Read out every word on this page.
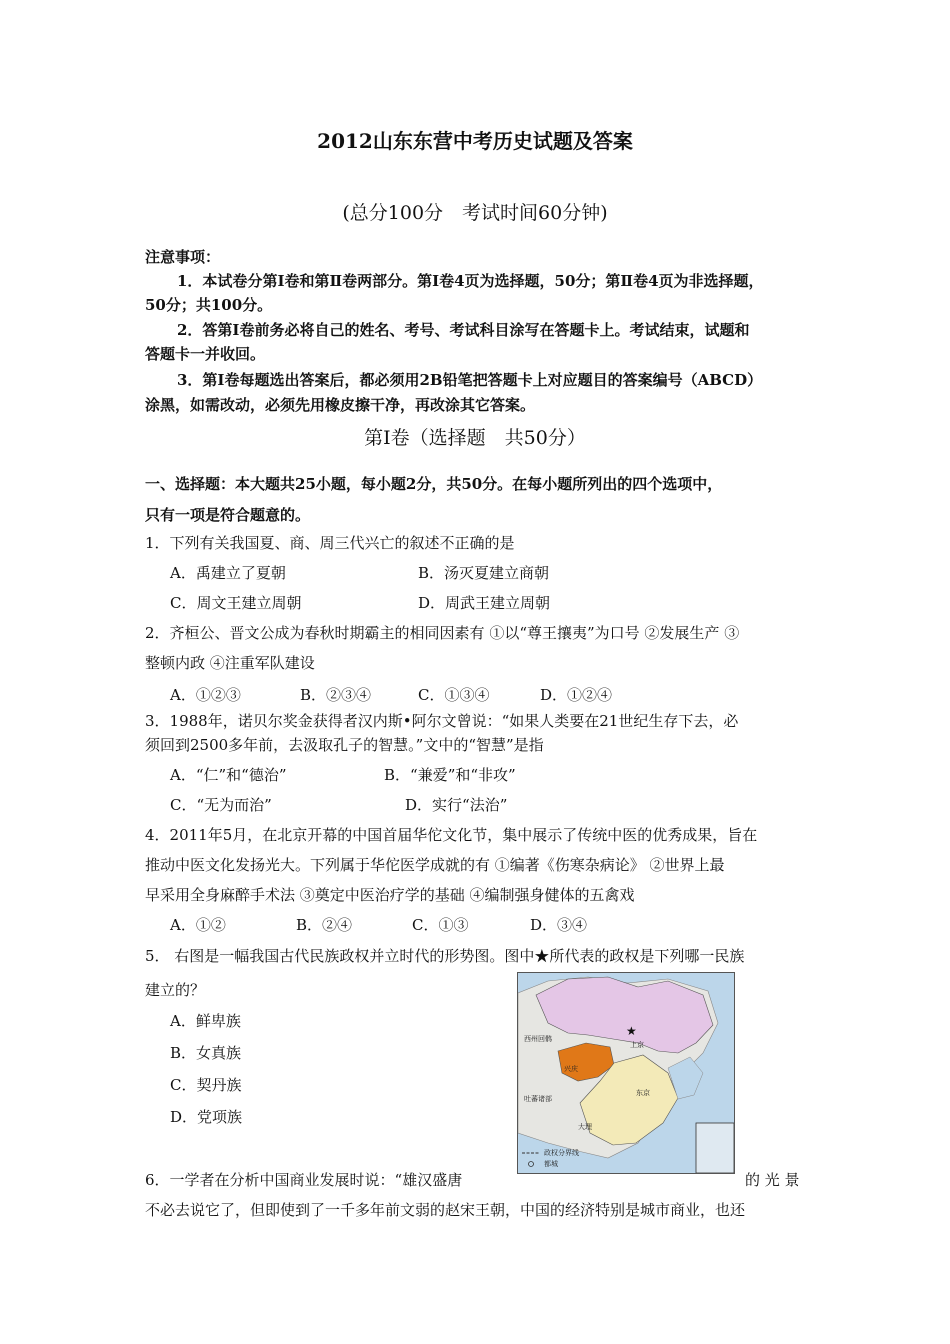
2012山东东营中考历史试题及答案
(总分100分　考试时间60分钟)
注意事项：
1．本试卷分第Ⅰ卷和第Ⅱ卷两部分。第Ⅰ卷4页为选择题，50分；第Ⅱ卷4页为非选择题，
50分；共100分。
2．答第Ⅰ卷前务必将自己的姓名、考号、考试科目涂写在答题卡上。考试结束，试题和
答题卡一并收回。
3．第Ⅰ卷每题选出答案后，都必须用2B铅笔把答题卡上对应题目的答案编号（ABCD）
涂黑，如需改动，必须先用橡皮擦干净，再改涂其它答案。
第Ⅰ卷（选择题　共50分）
一、选择题：本大题共25小题，每小题2分，共50分。在每小题所列出的四个选项中，
只有一项是符合题意的。
1．下列有关我国夏、商、周三代兴亡的叙述不正确的是
A．禹建立了夏朝	B．汤灭夏建立商朝
C．周文王建立周朝	D．周武王建立周朝
2．齐桓公、晋文公成为春秋时期霸主的相同因素有 ①以“尊王攘夷”为口号 ②发展生产 ③
整顿内政 ④注重军队建设
A．①②③	B．②③④	C．①③④	D．①②④
3．1988年，诺贝尔奖金获得者汉内斯•阿尔文曾说：“如果人类要在21世纪生存下去，必
须回到2500多年前，去汲取孔子的智慧。”文中的“智慧”是指
A．“仁”和“德治”	B．“兼爱”和“非攻”
C．“无为而治”	D．实行“法治”
4．2011年5月，在北京开幕的中国首届华佗文化节，集中展示了传统中医的优秀成果，旨在
推动中医文化发扬光大。下列属于华佗医学成就的有 ①编著《伤寒杂病论》 ②世界上最
早采用全身麻醉手术法 ③奠定中医治疗学的基础 ④编制强身健体的五禽戏
A．①②	B．②④	C．①③	D．③④
5． 右图是一幅我国古代民族政权并立时代的形势图。图中★所代表的政权是下列哪一民族
建立的？
A．鲜卑族
B．女真族
C．契丹族
D．党项族
★
西州回鹘
上京
兴庆
东京
吐蕃诸部
大理
政权分界线
都城
6．一学者在分析中国商业发展时说：“雄汉盛唐	的 光 景
不必去说它了，但即使到了一千多年前文弱的赵宋王朝，中国的经济特别是城市商业，也还
